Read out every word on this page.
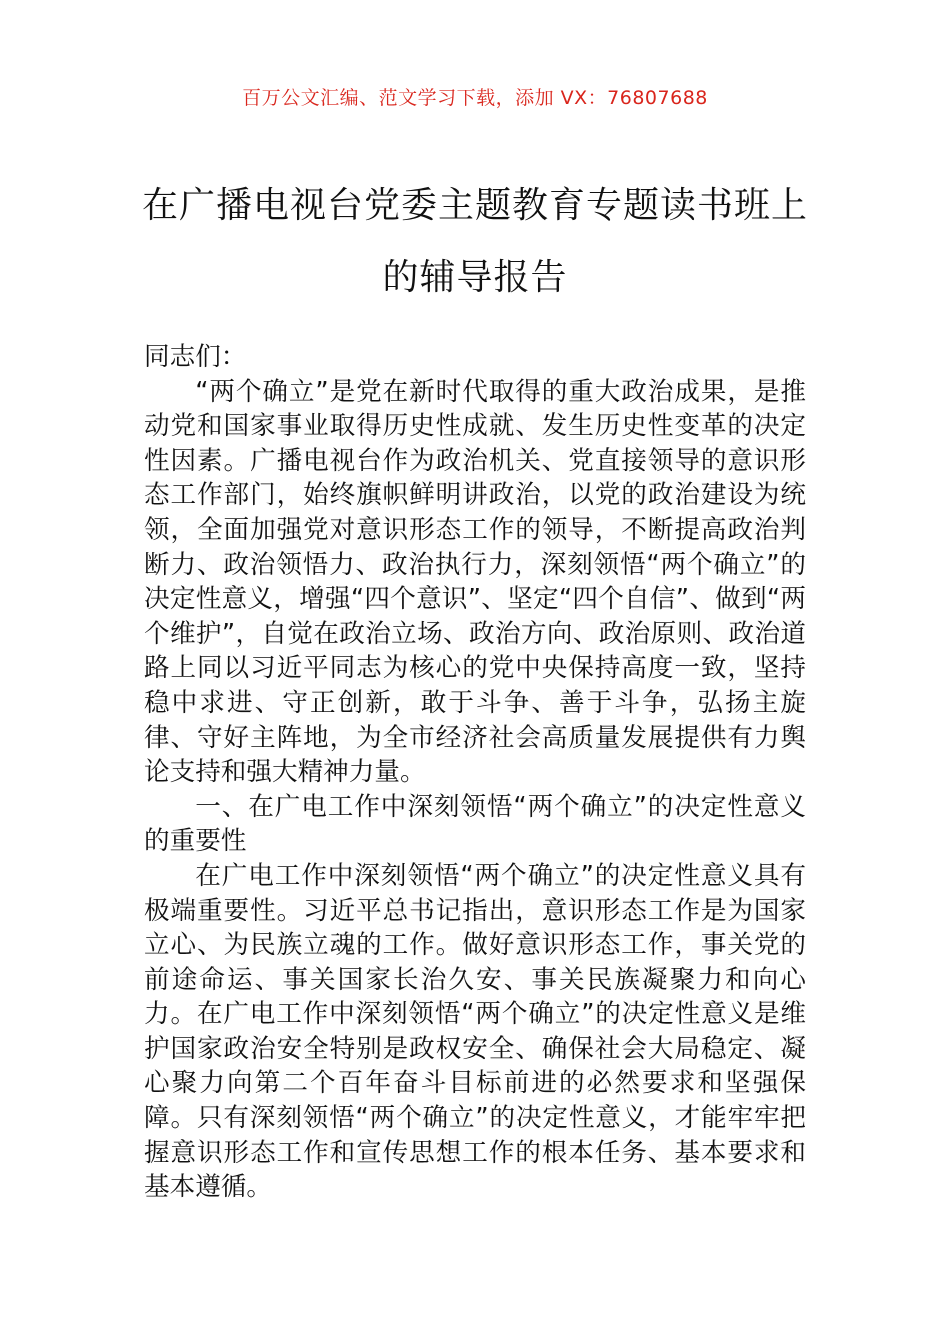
百万公文汇编、范文学习下载，添加 VX：76807688
在广播电视台党委主题教育专题读书班上
的辅导报告

同志们：

“两个确立”是党在新时代取得的重大政治成果，是推动党和国家事业取得历史性成就、发生历史性变革的决定性因素。广播电视台作为政治机关、党直接领导的意识形态工作部门，始终旗帜鲜明讲政治，以党的政治建设为统领，全面加强党对意识形态工作的领导，不断提高政治判断力、政治领悟力、政治执行力，深刻领悟“两个确立”的决定性意义，增强“四个意识”、坚定“四个自信”、做到“两个维护”，自觉在政治立场、政治方向、政治原则、政治道路上同以习近平同志为核心的党中央保持高度一致，坚持稳中求进、守正创新，敢于斗争、善于斗争，弘扬主旋律、守好主阵地，为全市经济社会高质量发展提供有力舆论支持和强大精神力量。

一、在广电工作中深刻领悟“两个确立”的决定性意义的重要性

在广电工作中深刻领悟“两个确立”的决定性意义具有极端重要性。习近平总书记指出，意识形态工作是为国家立心、为民族立魂的工作。做好意识形态工作，事关党的前途命运、事关国家长治久安、事关民族凝聚力和向心力。在广电工作中深刻领悟“两个确立”的决定性意义是维护国家政治安全特别是政权安全、确保社会大局稳定、凝心聚力向第二个百年奋斗目标前进的必然要求和坚强保障。只有深刻领悟“两个确立”的决定性意义，才能牢牢把握意识形态工作和宣传思想工作的根本任务、基本要求和基本遵循。
